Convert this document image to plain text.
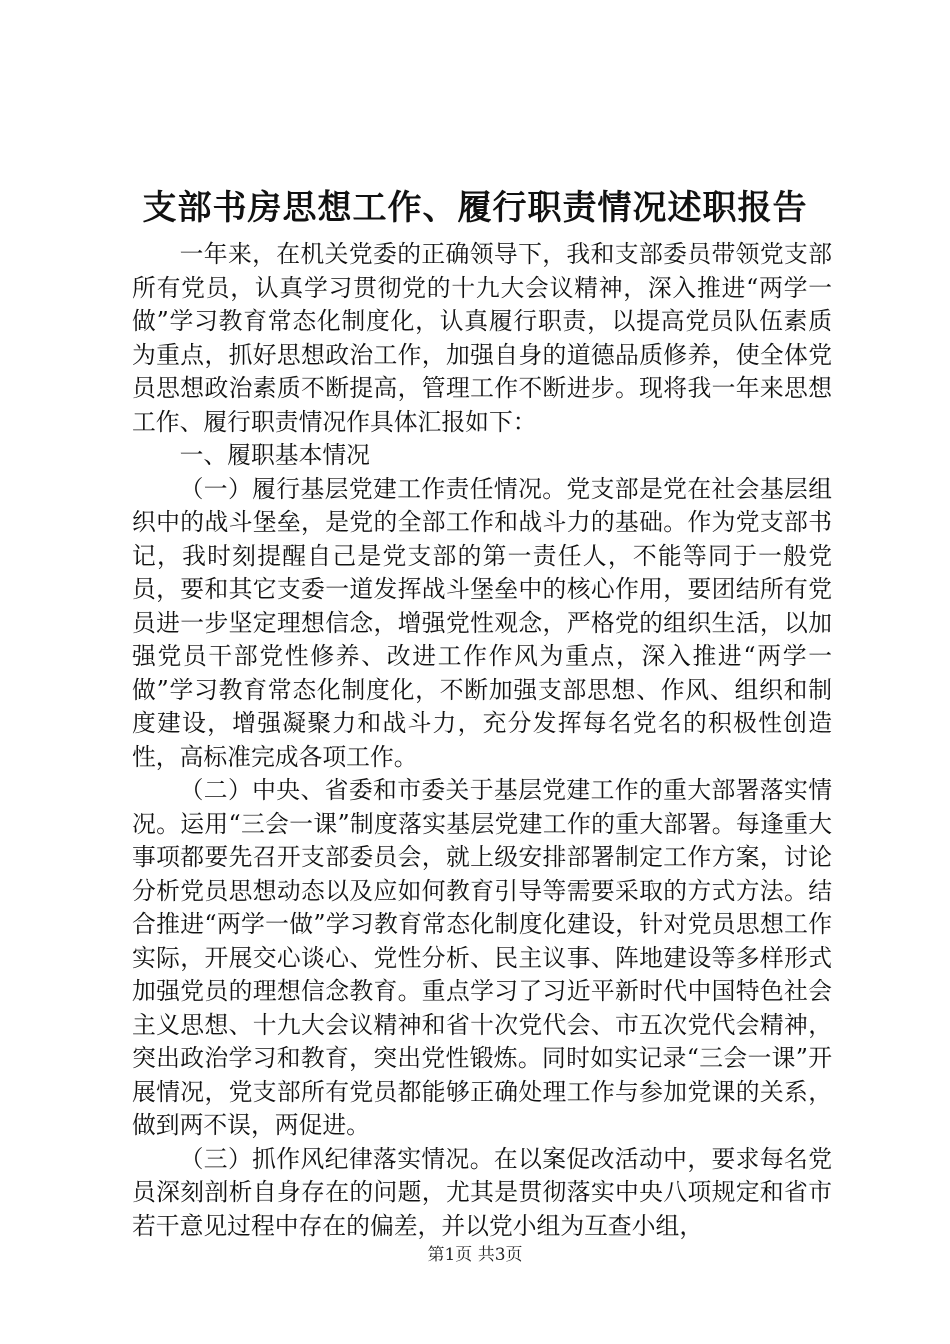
支部书房思想工作、履行职责情况述职报告

一年来，在机关党委的正确领导下，我和支部委员带领党支部所有党员，认真学习贯彻党的十九大会议精神，深入推进“两学一做”学习教育常态化制度化，认真履行职责，以提高党员队伍素质为重点，抓好思想政治工作，加强自身的道德品质修养，使全体党员思想政治素质不断提高，管理工作不断进步。现将我一年来思想工作、履行职责情况作具体汇报如下：

一、履职基本情况

（一）履行基层党建工作责任情况。党支部是党在社会基层组织中的战斗堡垒，是党的全部工作和战斗力的基础。作为党支部书记，我时刻提醒自己是党支部的第一责任人，不能等同于一般党员，要和其它支委一道发挥战斗堡垒中的核心作用，要团结所有党员进一步坚定理想信念，增强党性观念，严格党的组织生活，以加强党员干部党性修养、改进工作作风为重点，深入推进“两学一做”学习教育常态化制度化，不断加强支部思想、作风、组织和制度建设，增强凝聚力和战斗力，充分发挥每名党名的积极性创造性，高标准完成各项工作。

（二）中央、省委和市委关于基层党建工作的重大部署落实情况。运用“三会一课”制度落实基层党建工作的重大部署。每逢重大事项都要先召开支部委员会，就上级安排部署制定工作方案，讨论分析党员思想动态以及应如何教育引导等需要采取的方式方法。结合推进“两学一做”学习教育常态化制度化建设，针对党员思想工作实际，开展交心谈心、党性分析、民主议事、阵地建设等多样形式加强党员的理想信念教育。重点学习了习近平新时代中国特色社会主义思想、十九大会议精神和省十次党代会、市五次党代会精神，突出政治学习和教育，突出党性锻炼。同时如实记录“三会一课”开展情况，党支部所有党员都能够正确处理工作与参加党课的关系，做到两不误，两促进。

（三）抓作风纪律落实情况。在以案促改活动中，要求每名党员深刻剖析自身存在的问题，尤其是贯彻落实中央八项规定和省市若干意见过程中存在的偏差，并以党小组为互查小组，

第1页 共3页
